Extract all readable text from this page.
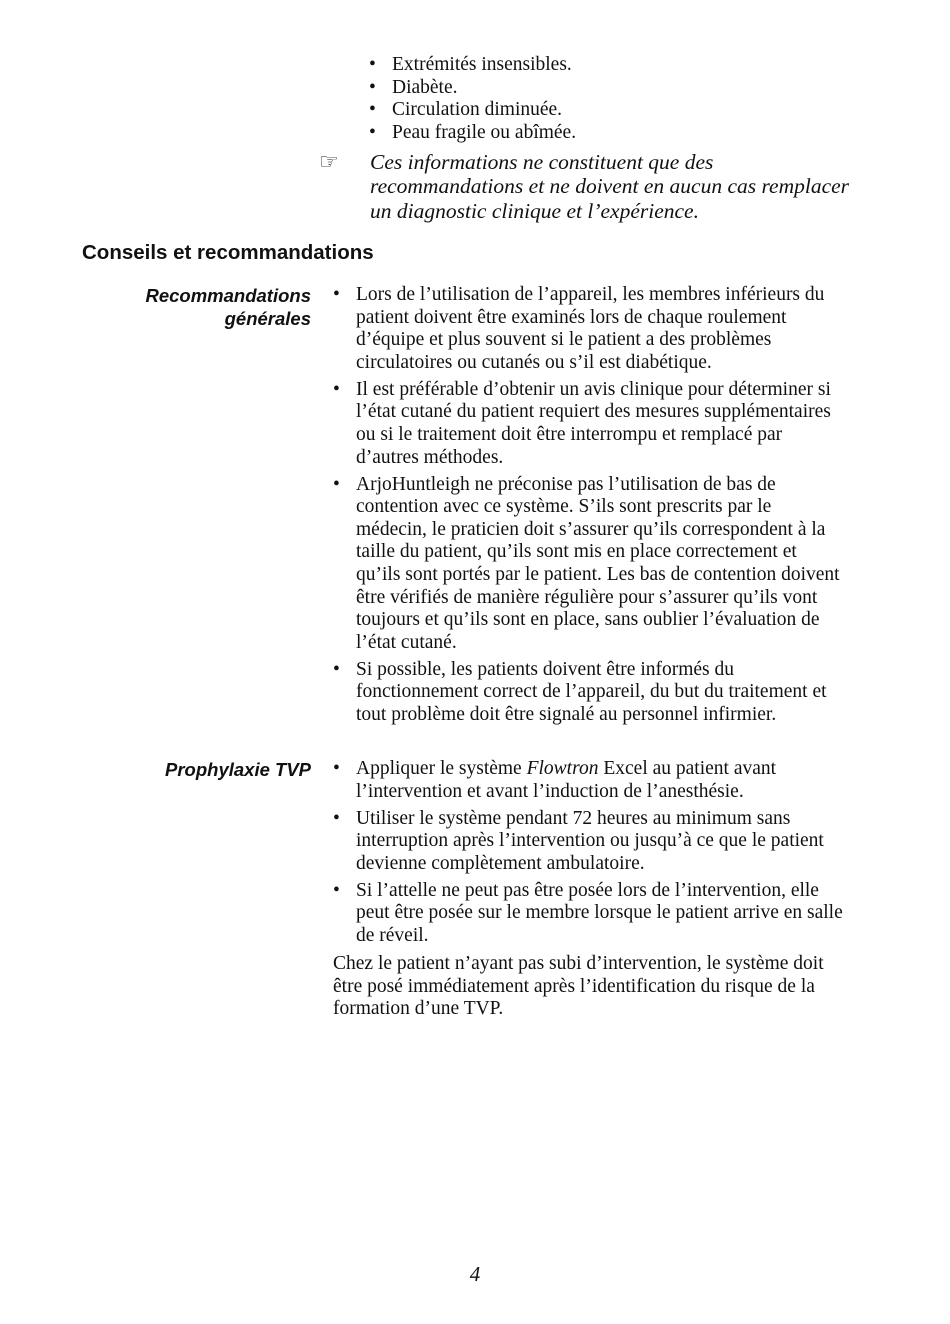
• Extrémités insensibles.
• Diabète.
• Circulation diminuée.
• Peau fragile ou abîmée.
☞ Ces informations ne constituent que des recommandations et ne doivent en aucun cas remplacer un diagnostic clinique et l’expérience.
Conseils et recommandations
Recommandations générales
• Lors de l’utilisation de l’appareil, les membres inférieurs du patient doivent être examinés lors de chaque roulement d’équipe et plus souvent si le patient a des problèmes circulatoires ou cutanés ou s’il est diabétique.
• Il est préférable d’obtenir un avis clinique pour déterminer si l’état cutané du patient requiert des mesures supplémentaires ou si le traitement doit être interrompu et remplacé par d’autres méthodes.
• ArjoHuntleigh ne préconise pas l’utilisation de bas de contention avec ce système. S’ils sont prescrits par le médecin, le praticien doit s’assurer qu’ils correspondent à la taille du patient, qu’ils sont mis en place correctement et qu’ils sont portés par le patient. Les bas de contention doivent être vérifiés de manière régulière pour s’assurer qu’ils vont toujours et qu’ils sont en place, sans oublier l’évaluation de l’état cutané.
• Si possible, les patients doivent être informés du fonctionnement correct de l’appareil, du but du traitement et tout problème doit être signalé au personnel infirmier.
Prophylaxie TVP
•	Appliquer le système Flowtron Excel au patient avant l’intervention et avant l’induction de l’anesthésie.
• Utiliser le système pendant 72 heures au minimum sans interruption après l’intervention ou jusqu’à ce que le patient devienne complètement ambulatoire.
• Si l’attelle ne peut pas être posée lors de l’intervention, elle peut être posée sur le membre lorsque le patient arrive en salle de réveil.

Chez le patient n’ayant pas subi d’intervention, le système doit être posé immédiatement après l’identification du risque de la formation d’une TVP.

4
